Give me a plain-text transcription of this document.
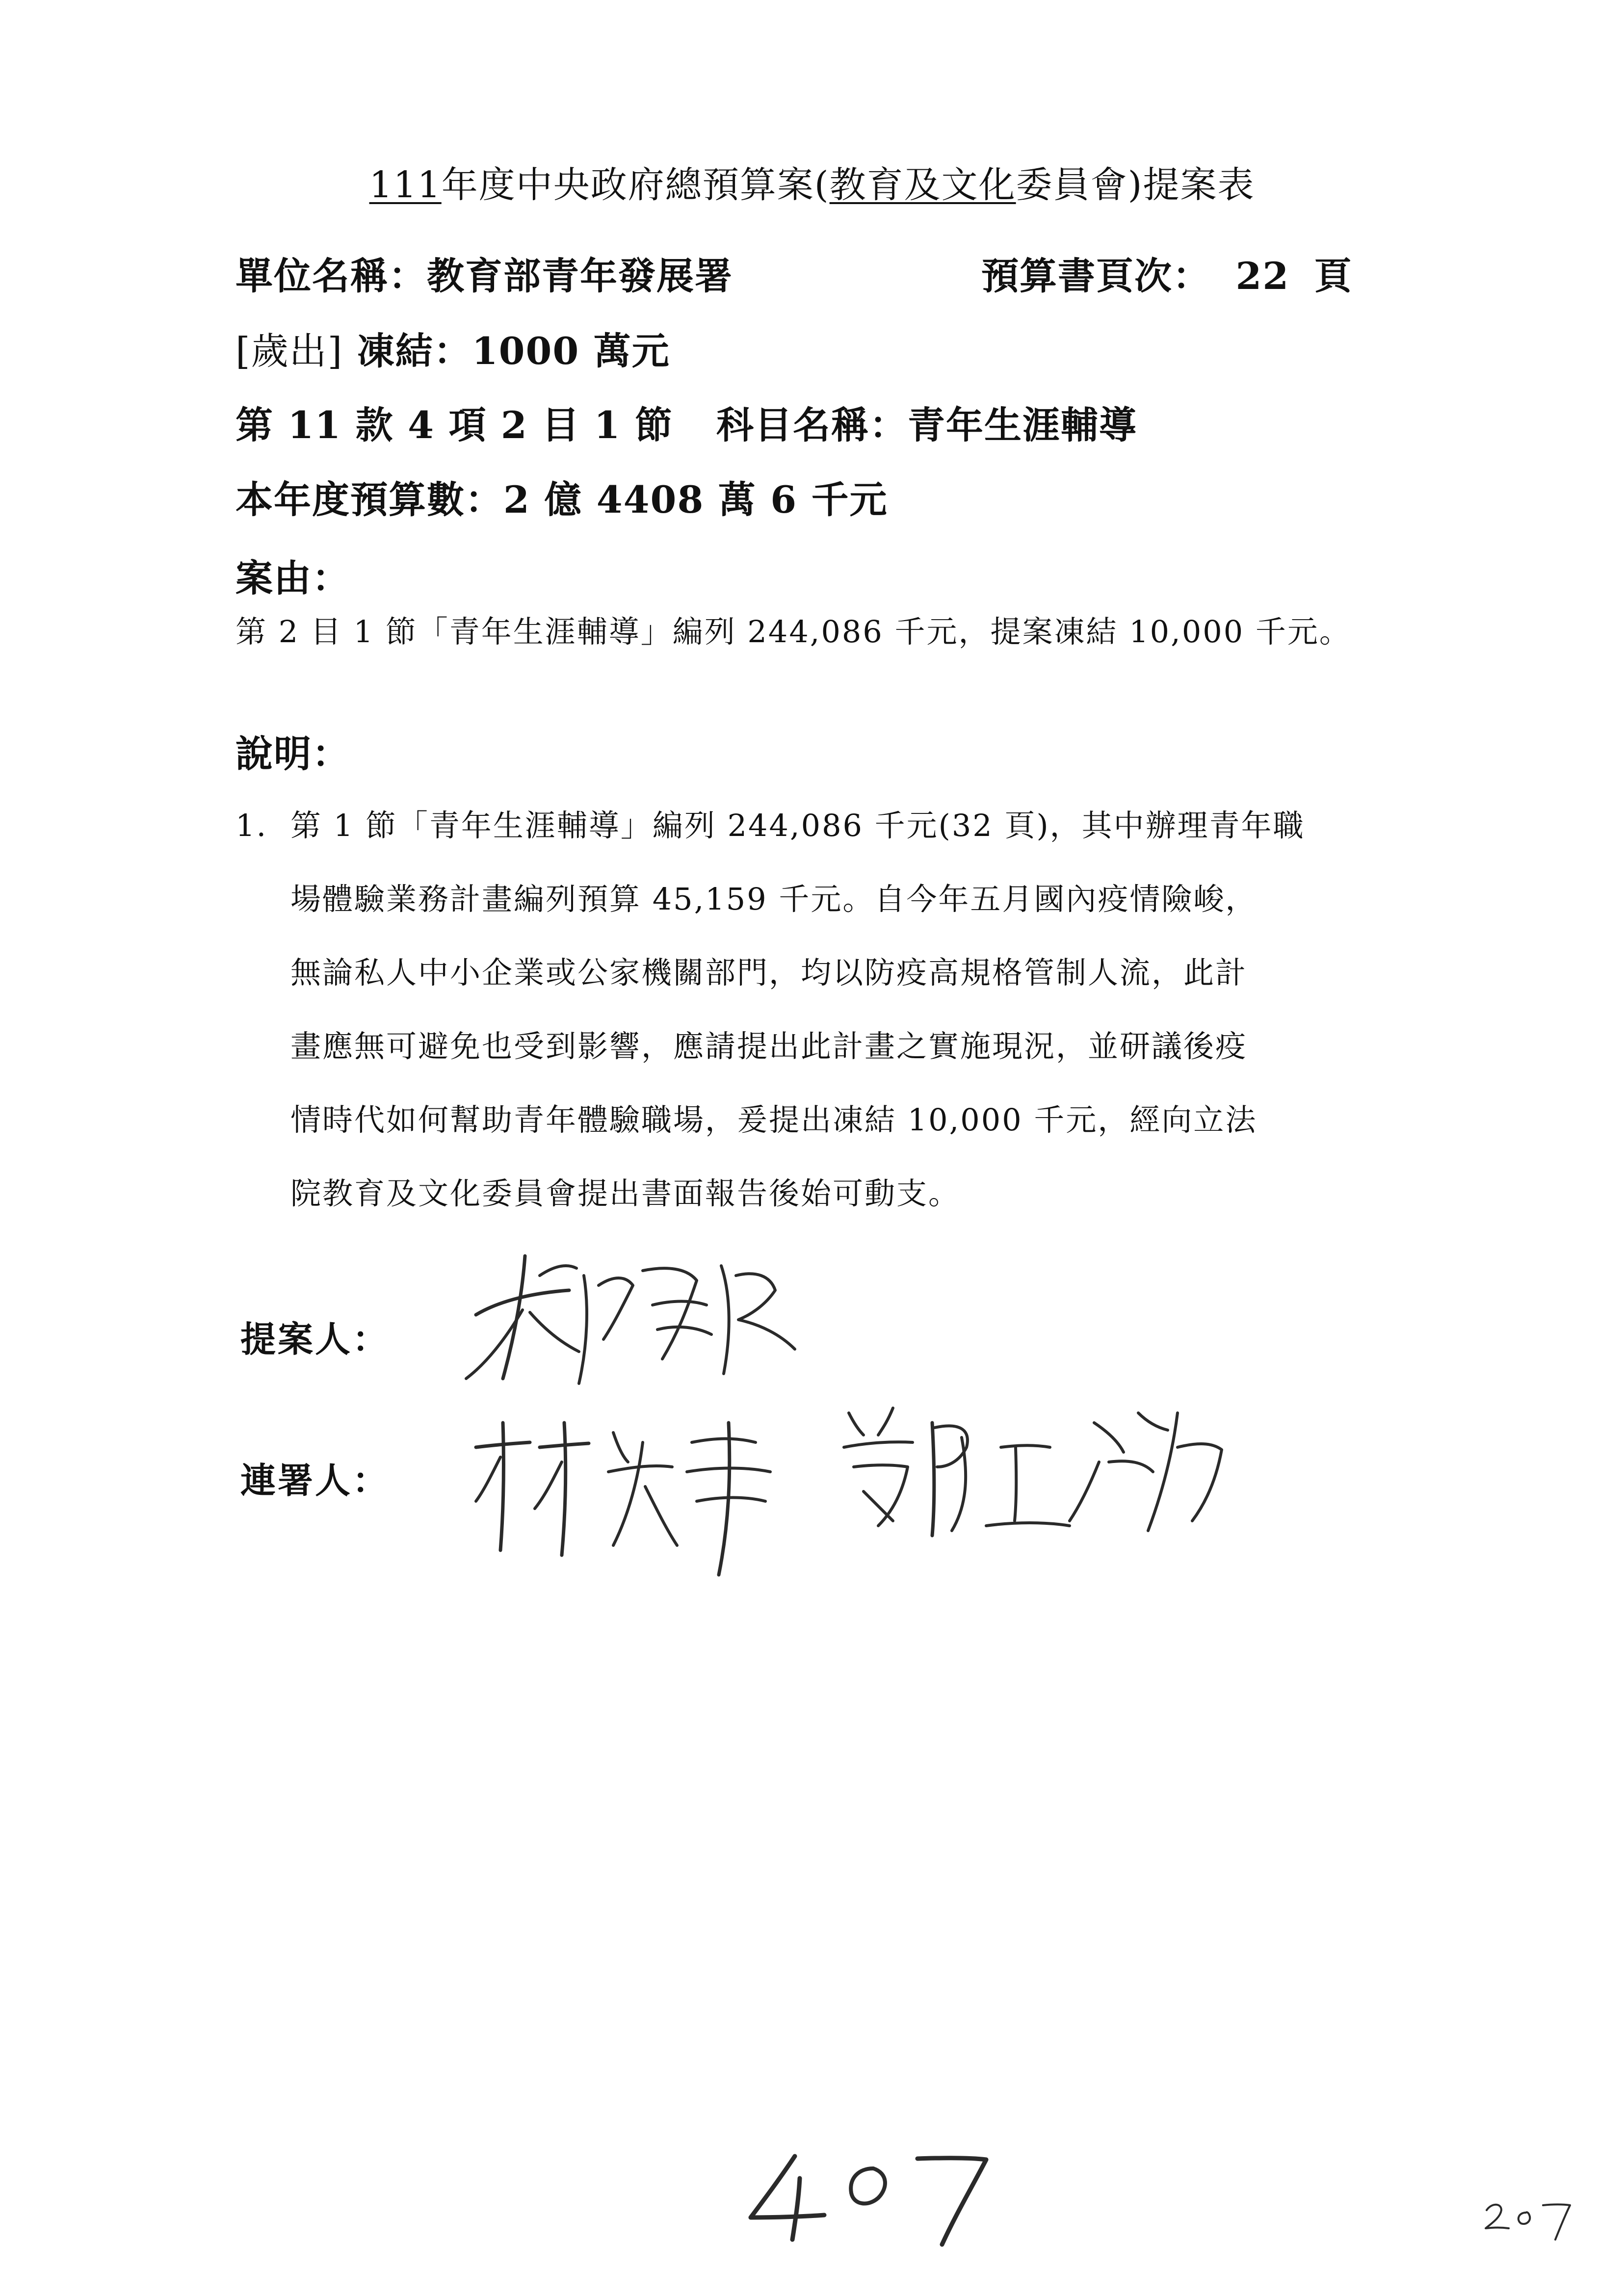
111年度中央政府總預算案(教育及文化委員會)提案表
單位名稱：教育部青年發展署	預算書頁次： 22 頁
[歲出] 凍結：1000 萬元
第 11 款 4 項 2 目 1 節 科目名稱：青年生涯輔導
本年度預算數：2 億 4408 萬 6 千元
案由：
第 2 目 1 節「青年生涯輔導」編列 244,086 千元，提案凍結 10,000 千元。
說明：
1. 第 1 節「青年生涯輔導」編列 244,086 千元(32 頁)，其中辦理青年職
場體驗業務計畫編列預算 45,159 千元。自今年五月國內疫情險峻，
無論私人中小企業或公家機關部門，均以防疫高規格管制人流，此計
畫應無可避免也受到影響，應請提出此計畫之實施現況，並研議後疫
情時代如何幫助青年體驗職場，爰提出凍結 10,000 千元，經向立法
院教育及文化委員會提出書面報告後始可動支。
提案人：
連署人：
